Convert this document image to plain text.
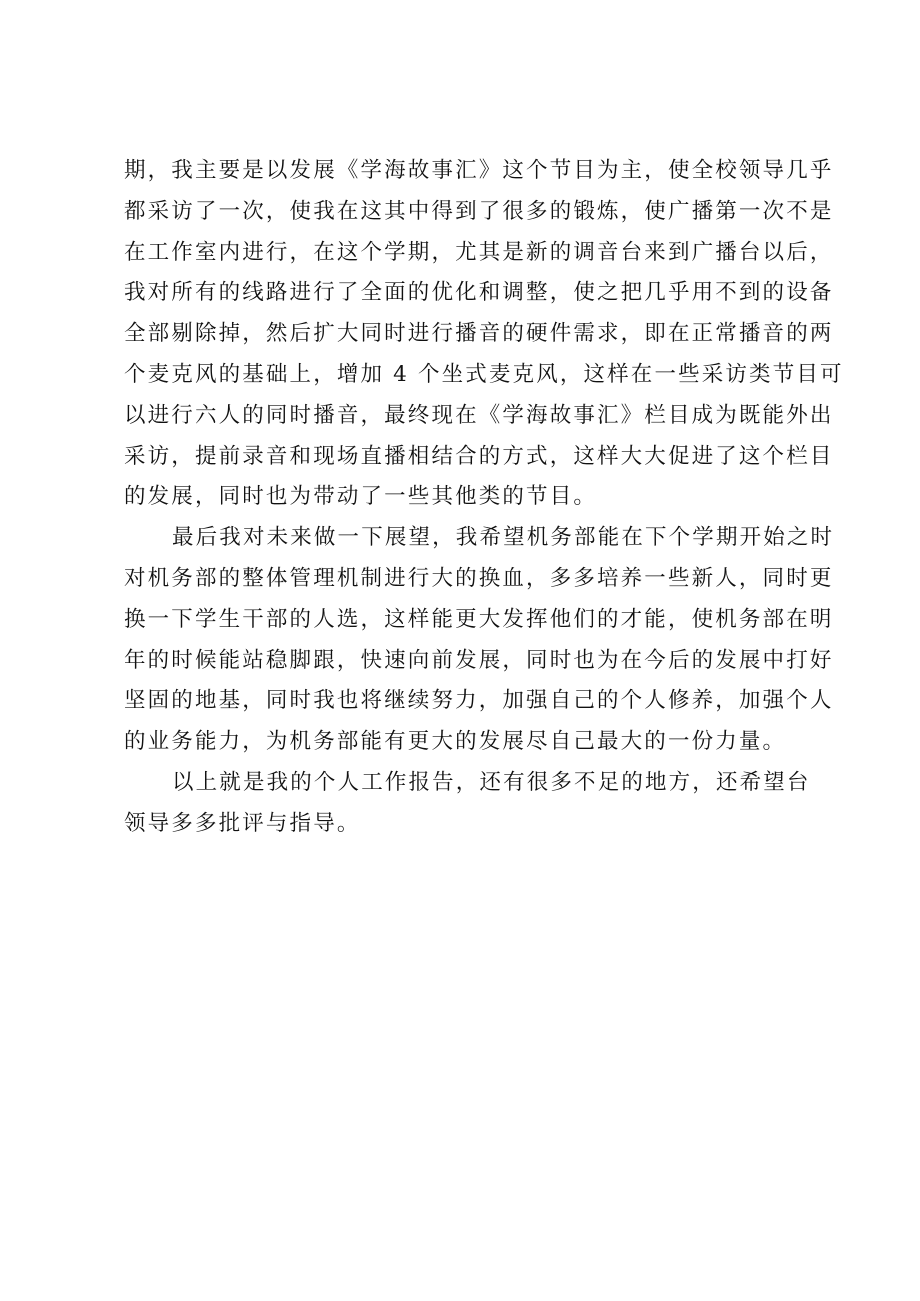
期，我主要是以发展《学海故事汇》这个节目为主，使全校领导几乎
都采访了一次，使我在这其中得到了很多的锻炼，使广播第一次不是
在工作室内进行，在这个学期，尤其是新的调音台来到广播台以后，
我对所有的线路进行了全面的优化和调整，使之把几乎用不到的设备
全部剔除掉，然后扩大同时进行播音的硬件需求，即在正常播音的两
个麦克风的基础上，增加 4 个坐式麦克风，这样在一些采访类节目可
以进行六人的同时播音，最终现在《学海故事汇》栏目成为既能外出
采访，提前录音和现场直播相结合的方式，这样大大促进了这个栏目
的发展，同时也为带动了一些其他类的节目。
最后我对未来做一下展望，我希望机务部能在下个学期开始之时
对机务部的整体管理机制进行大的换血，多多培养一些新人，同时更
换一下学生干部的人选，这样能更大发挥他们的才能，使机务部在明
年的时候能站稳脚跟，快速向前发展，同时也为在今后的发展中打好
坚固的地基，同时我也将继续努力，加强自己的个人修养，加强个人
的业务能力，为机务部能有更大的发展尽自己最大的一份力量。
以上就是我的个人工作报告，还有很多不足的地方，还希望台
领导多多批评与指导。
